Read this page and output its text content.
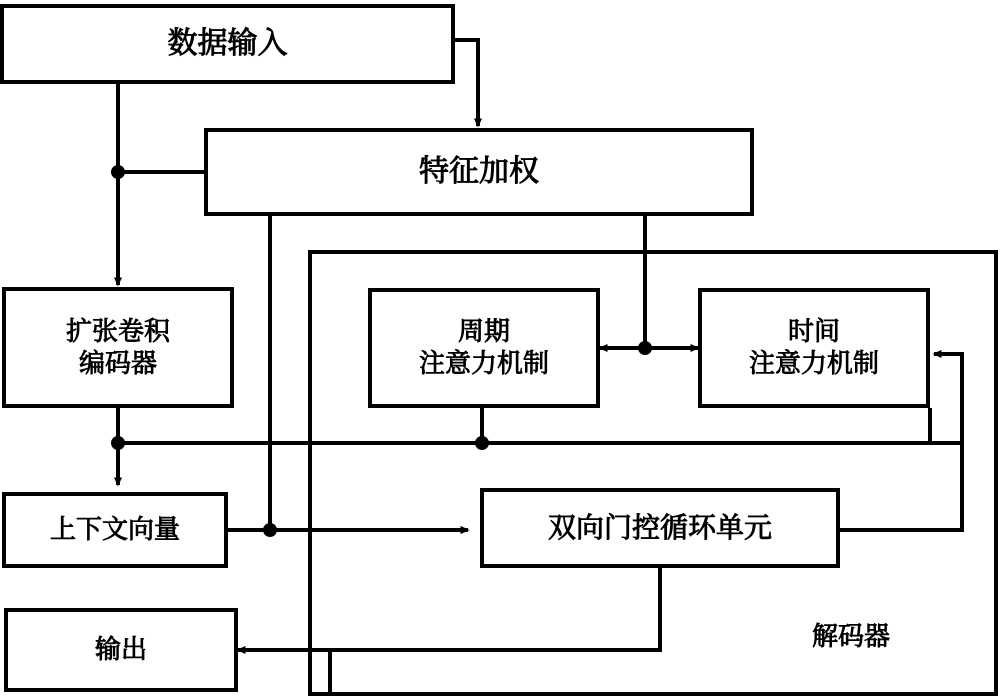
数据输入
特征加权
扩张卷积
编码器
周期
注意力机制
时间
注意力机制
上下文向量	双向门控循环单元
输出	解码器
